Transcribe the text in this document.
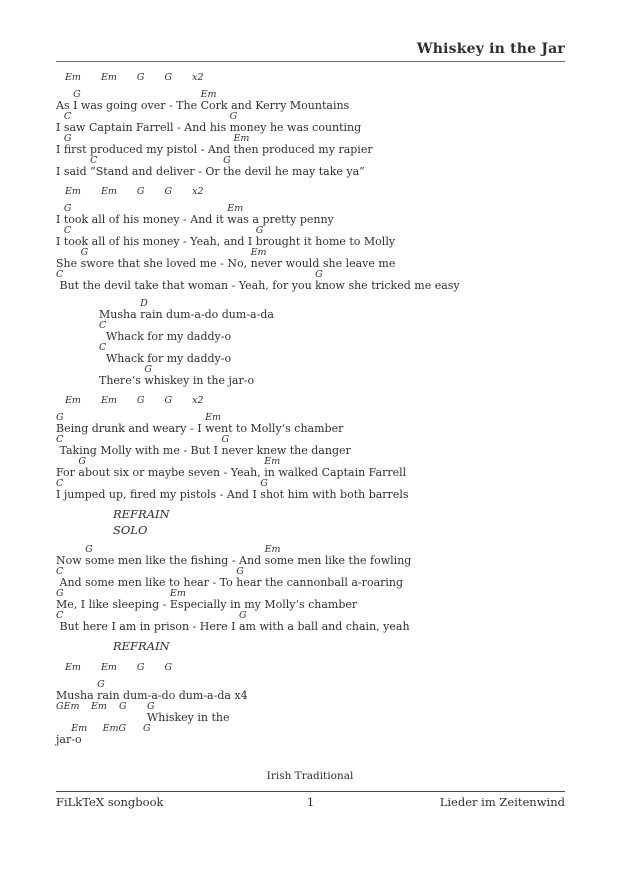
Whiskey in the Jar
Em Em G G x2
As
G
I was going over - The
Em
Cork and Kerry Mountains
I
C
saw Captain Farrell - And his
G
money he was counting
I
G
first produced my pistol - And
Em
then produced my rapier
I said
C
”Stand and deliver - Or
G
the devil he may take ya”
Em Em G G x2
I
G
took all of his money - And it
Em
was a pretty penny
I
C
took all of his money - Yeah, and I
G
brought it home to Molly
She
G
swore that she loved me - No,
Em
never would she leave me
C
But the devil take that woman - Yeah, for you
G
know she tricked me easy
Musha
D
rain dum-a-do dum-a-da
C
Whack for my daddy-o
C
Whack for my daddy-o
There‘s
G
whiskey in the jar-o
Em Em G G x2
G
Being drunk and weary - I
Em
went to Molly‘s chamber
C
Taking Molly with me - But I
G
never knew the danger
For
G
about six or maybe seven - Yeah,
Em
in walked Captain Farrell
C
I jumped up, fired my pistols - And I
G
shot him with both barrels
REFRAIN
SOLO
Now
G
some men like the fishing - And
Em
some men like the fowling
C
And some men like to hear - To
G
hear the cannonball a-roaring
G
Me, I like sleeping -
Em
Especially in my Molly‘s chamber
C
But here I am in prison - Here I
G
am with a ball and chain, yeah
REFRAIN
Em Em G G
Musha
G
rain dum-a-do dum-a-da x4
GEm
	Em
	G
	G
Whiskey in the
jar
Em
-o
Em
G
	G
Irish Traditional
FiLkTeX songbook	1	Lieder im Zeitenwind
